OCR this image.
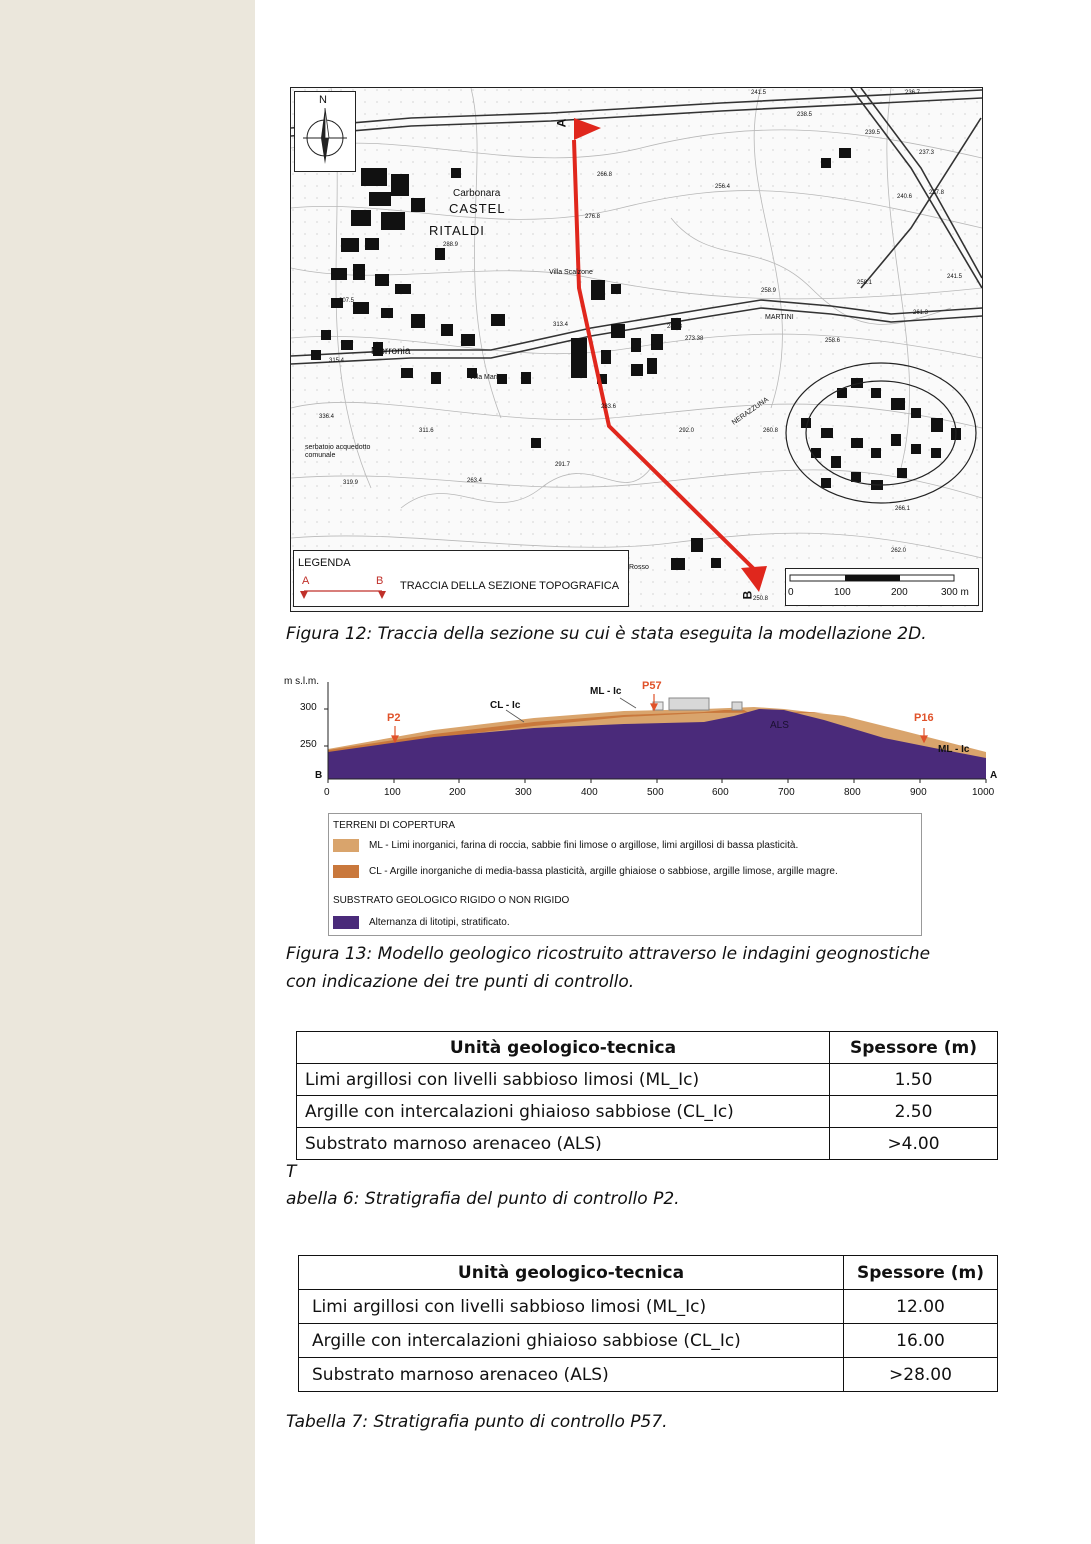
N
A
B
Carbonara
CASTEL
RITALDI
Morronia
Villa Maria
serbatoio acquedotto comunale
Villa Scalzone
MARTINI
NERAZZUNA
Rosso
241.5	236.7
238.5
239.5
237.3
237.8
240.6
241.5
258.1
261.3
258.6
258.9
256.4
266.8
276.8
288.9
307.5
315.4
311.6
336.4
319.9
291.7
292.0
283.6
282.8
273.38
260.8
266.1
262.0
250.8
263.4
313.4
LEGENDA
A	B TRACCIA DELLA SEZIONE TOPOGRAFICA
0	100	200	300 m
Figura 12: Traccia della sezione su cui è stata eseguita la modellazione 2D.
m s.l.m.
300
250
B	A
0	100	200	300	400	500	600	700	800	900	1000
P2
P57
P16
CL - Ic
ML - Ic
ML - Ic
ALS
TERRENI DI COPERTURA
ML - Limi inorganici, farina di roccia, sabbie fini limose o argillose, limi argillosi di bassa plasticità.
CL - Argille inorganiche di media-bassa plasticità, argille ghiaiose o sabbiose, argille limose, argille magre.
SUBSTRATO GEOLOGICO RIGIDO O NON RIGIDO
Alternanza di litotipi, stratificato.
Figura 13: Modello geologico ricostruito attraverso le indagini geognostiche
con indicazione dei tre punti di controllo.
Unità geologico-tecnica	Spessore (m)
Limi argillosi con livelli sabbioso limosi (ML_Ic)	1.50
Argille con intercalazioni ghiaioso sabbiose (CL_Ic)	2.50
Substrato marnoso arenaceo (ALS)	>4.00
T
abella 6: Stratigrafia del punto di controllo P2.
Unità geologico-tecnica	Spessore (m)
Limi argillosi con livelli sabbioso limosi (ML_Ic)	12.00
Argille con intercalazioni ghiaioso sabbiose (CL_Ic)	16.00
Substrato marnoso arenaceo (ALS)	>28.00
Tabella 7: Stratigrafia punto di controllo P57.
